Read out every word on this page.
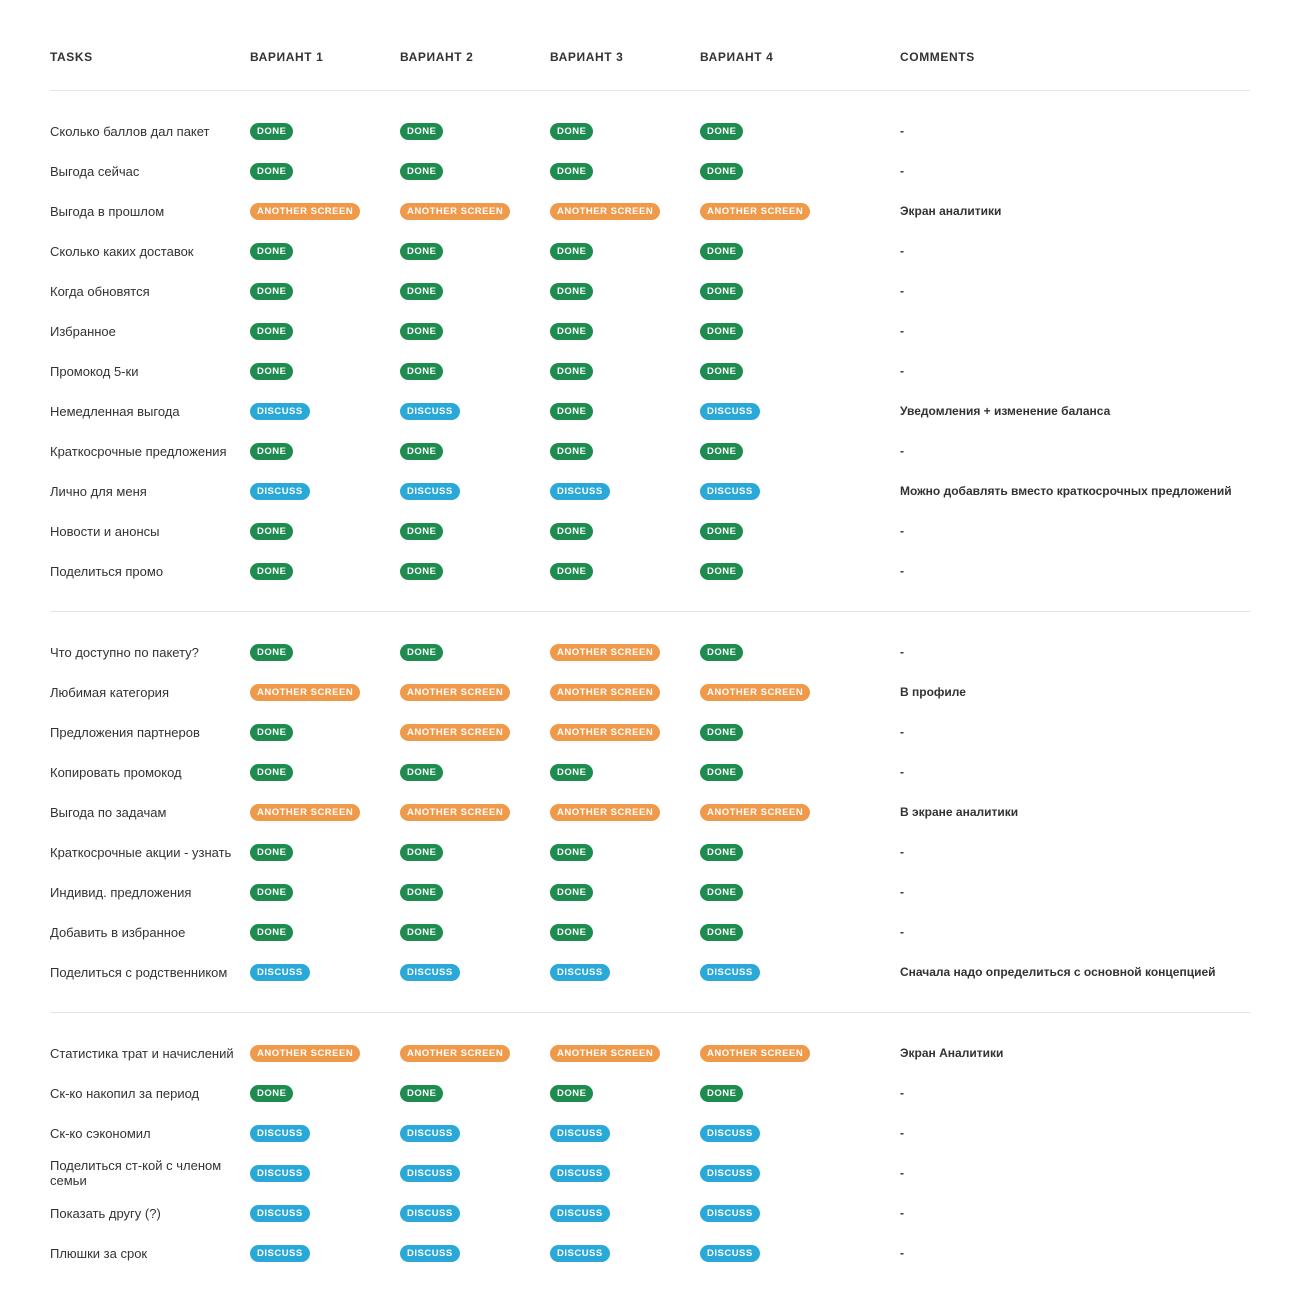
TASKS	ВАРИАНТ 1	ВАРИАНТ 2	ВАРИАНТ 3	ВАРИАНТ 4	COMMENTS
Сколько баллов дал пакет	DONE	DONE	DONE	DONE	-
Выгода сейчас	DONE	DONE	DONE	DONE	-
Выгода в прошлом	ANOTHER SCREEN	ANOTHER SCREEN	ANOTHER SCREEN	ANOTHER SCREEN	Экран аналитики
Сколько каких доставок	DONE	DONE	DONE	DONE	-
Когда обновятся	DONE	DONE	DONE	DONE	-
Избранное	DONE	DONE	DONE	DONE	-
Промокод 5-ки	DONE	DONE	DONE	DONE	-
Немедленная выгода	DISCUSS	DISCUSS	DONE	DISCUSS	Уведомления + изменение баланса
Краткосрочные предложения	DONE	DONE	DONE	DONE	-
Лично для меня	DISCUSS	DISCUSS	DISCUSS	DISCUSS	Можно добавлять вместо краткосрочных предложений
Новости и анонсы	DONE	DONE	DONE	DONE	-
Поделиться промо	DONE	DONE	DONE	DONE	-
Что доступно по пакету?	DONE	DONE	ANOTHER SCREEN	DONE	-
Любимая категория	ANOTHER SCREEN	ANOTHER SCREEN	ANOTHER SCREEN	ANOTHER SCREEN	В профиле
Предложения партнеров	DONE	ANOTHER SCREEN	ANOTHER SCREEN	DONE	-
Копировать промокод	DONE	DONE	DONE	DONE	-
Выгода по задачам	ANOTHER SCREEN	ANOTHER SCREEN	ANOTHER SCREEN	ANOTHER SCREEN	В экране аналитики
Краткосрочные акции - узнать	DONE	DONE	DONE	DONE	-
Индивид. предложения	DONE	DONE	DONE	DONE	-
Добавить в избранное	DONE	DONE	DONE	DONE	-
Поделиться с родственником	DISCUSS	DISCUSS	DISCUSS	DISCUSS	Сначала надо определиться с основной концепцией
Статистика трат и начислений	ANOTHER SCREEN	ANOTHER SCREEN	ANOTHER SCREEN	ANOTHER SCREEN	Экран Аналитики
Ск-ко накопил за период	DONE	DONE	DONE	DONE	-
Ск-ко сэкономил	DISCUSS	DISCUSS	DISCUSS	DISCUSS	-
Поделиться ст-кой с членом семьи	DISCUSS	DISCUSS	DISCUSS	DISCUSS	-
Показать другу (?)	DISCUSS	DISCUSS	DISCUSS	DISCUSS	-
Плюшки за срок	DISCUSS	DISCUSS	DISCUSS	DISCUSS	-
